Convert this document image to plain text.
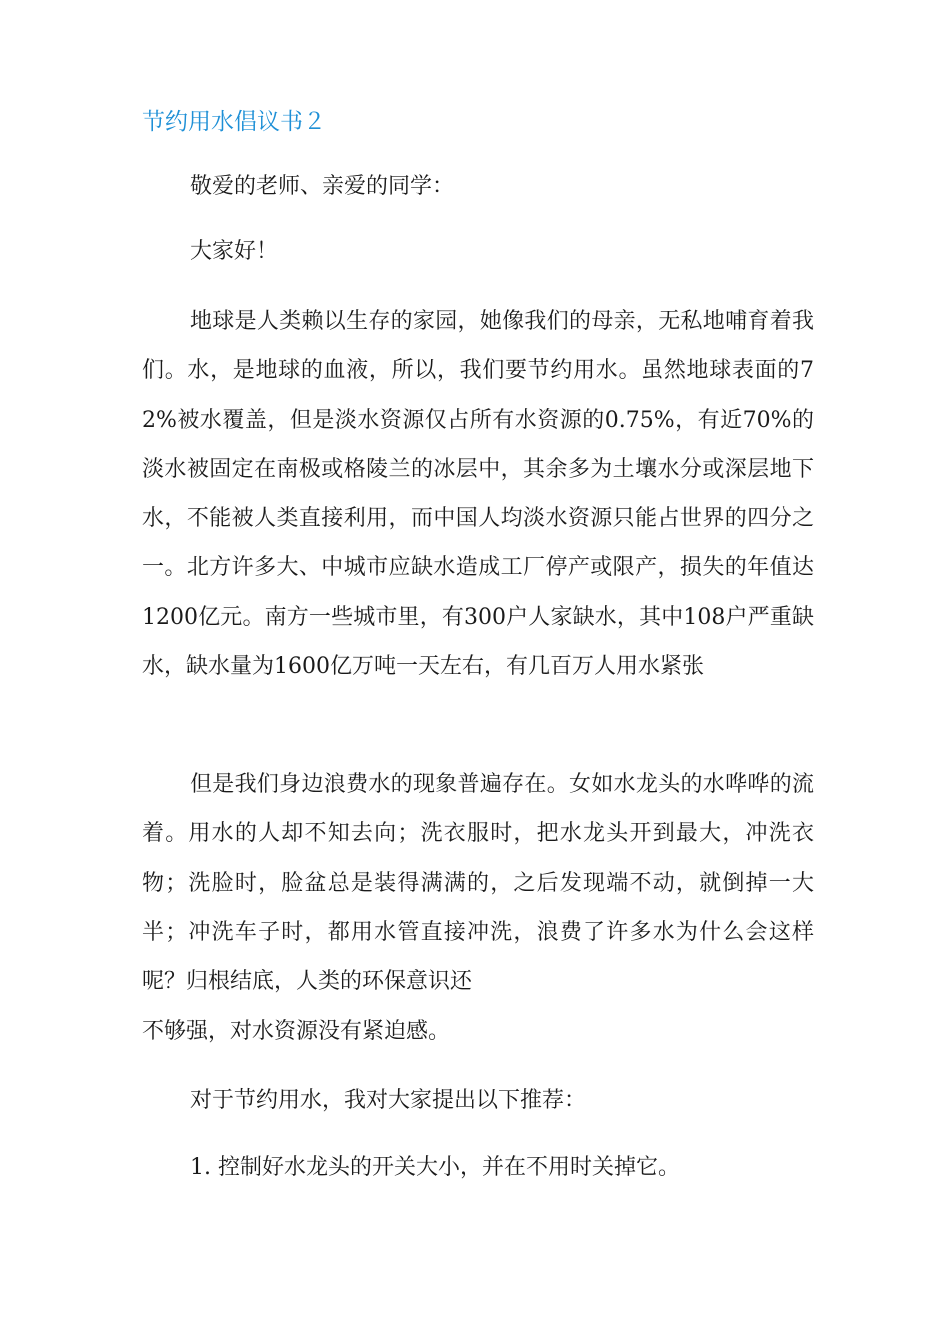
节约用水倡议书２

敬爱的老师、亲爱的同学：

大家好！

地球是人类赖以生存的家园，她像我们的母亲，无私地哺育着我们。水，是地球的血液，所以，我们要节约用水。虽然地球表面的72%被水覆盖，但是淡水资源仅占所有水资源的0.75%，有近70%的淡水被固定在南极或格陵兰的冰层中，其余多为土壤水分或深层地下水，不能被人类直接利用，而中国人均淡水资源只能占世界的四分之一。北方许多大、中城市应缺水造成工厂停产或限产，损失的年值达1200亿元。南方一些城市里，有300户人家缺水，其中108户严重缺水，缺水量为1600亿万吨一天左右，有几百万人用水紧张

但是我们身边浪费水的现象普遍存在。女如水龙头的水哗哗的流着。用水的人却不知去向；洗衣服时，把水龙头开到最大，冲洗衣物；洗脸时，脸盆总是装得满满的，之后发现端不动，就倒掉一大半；冲洗车子时，都用水管直接冲洗，浪费了许多水为什么会这样呢？归根结底，人类的环保意识还

不够强，对水资源没有紧迫感。

对于节约用水，我对大家提出以下推荐：

1. 控制好水龙头的开关大小，并在不用时关掉它。
